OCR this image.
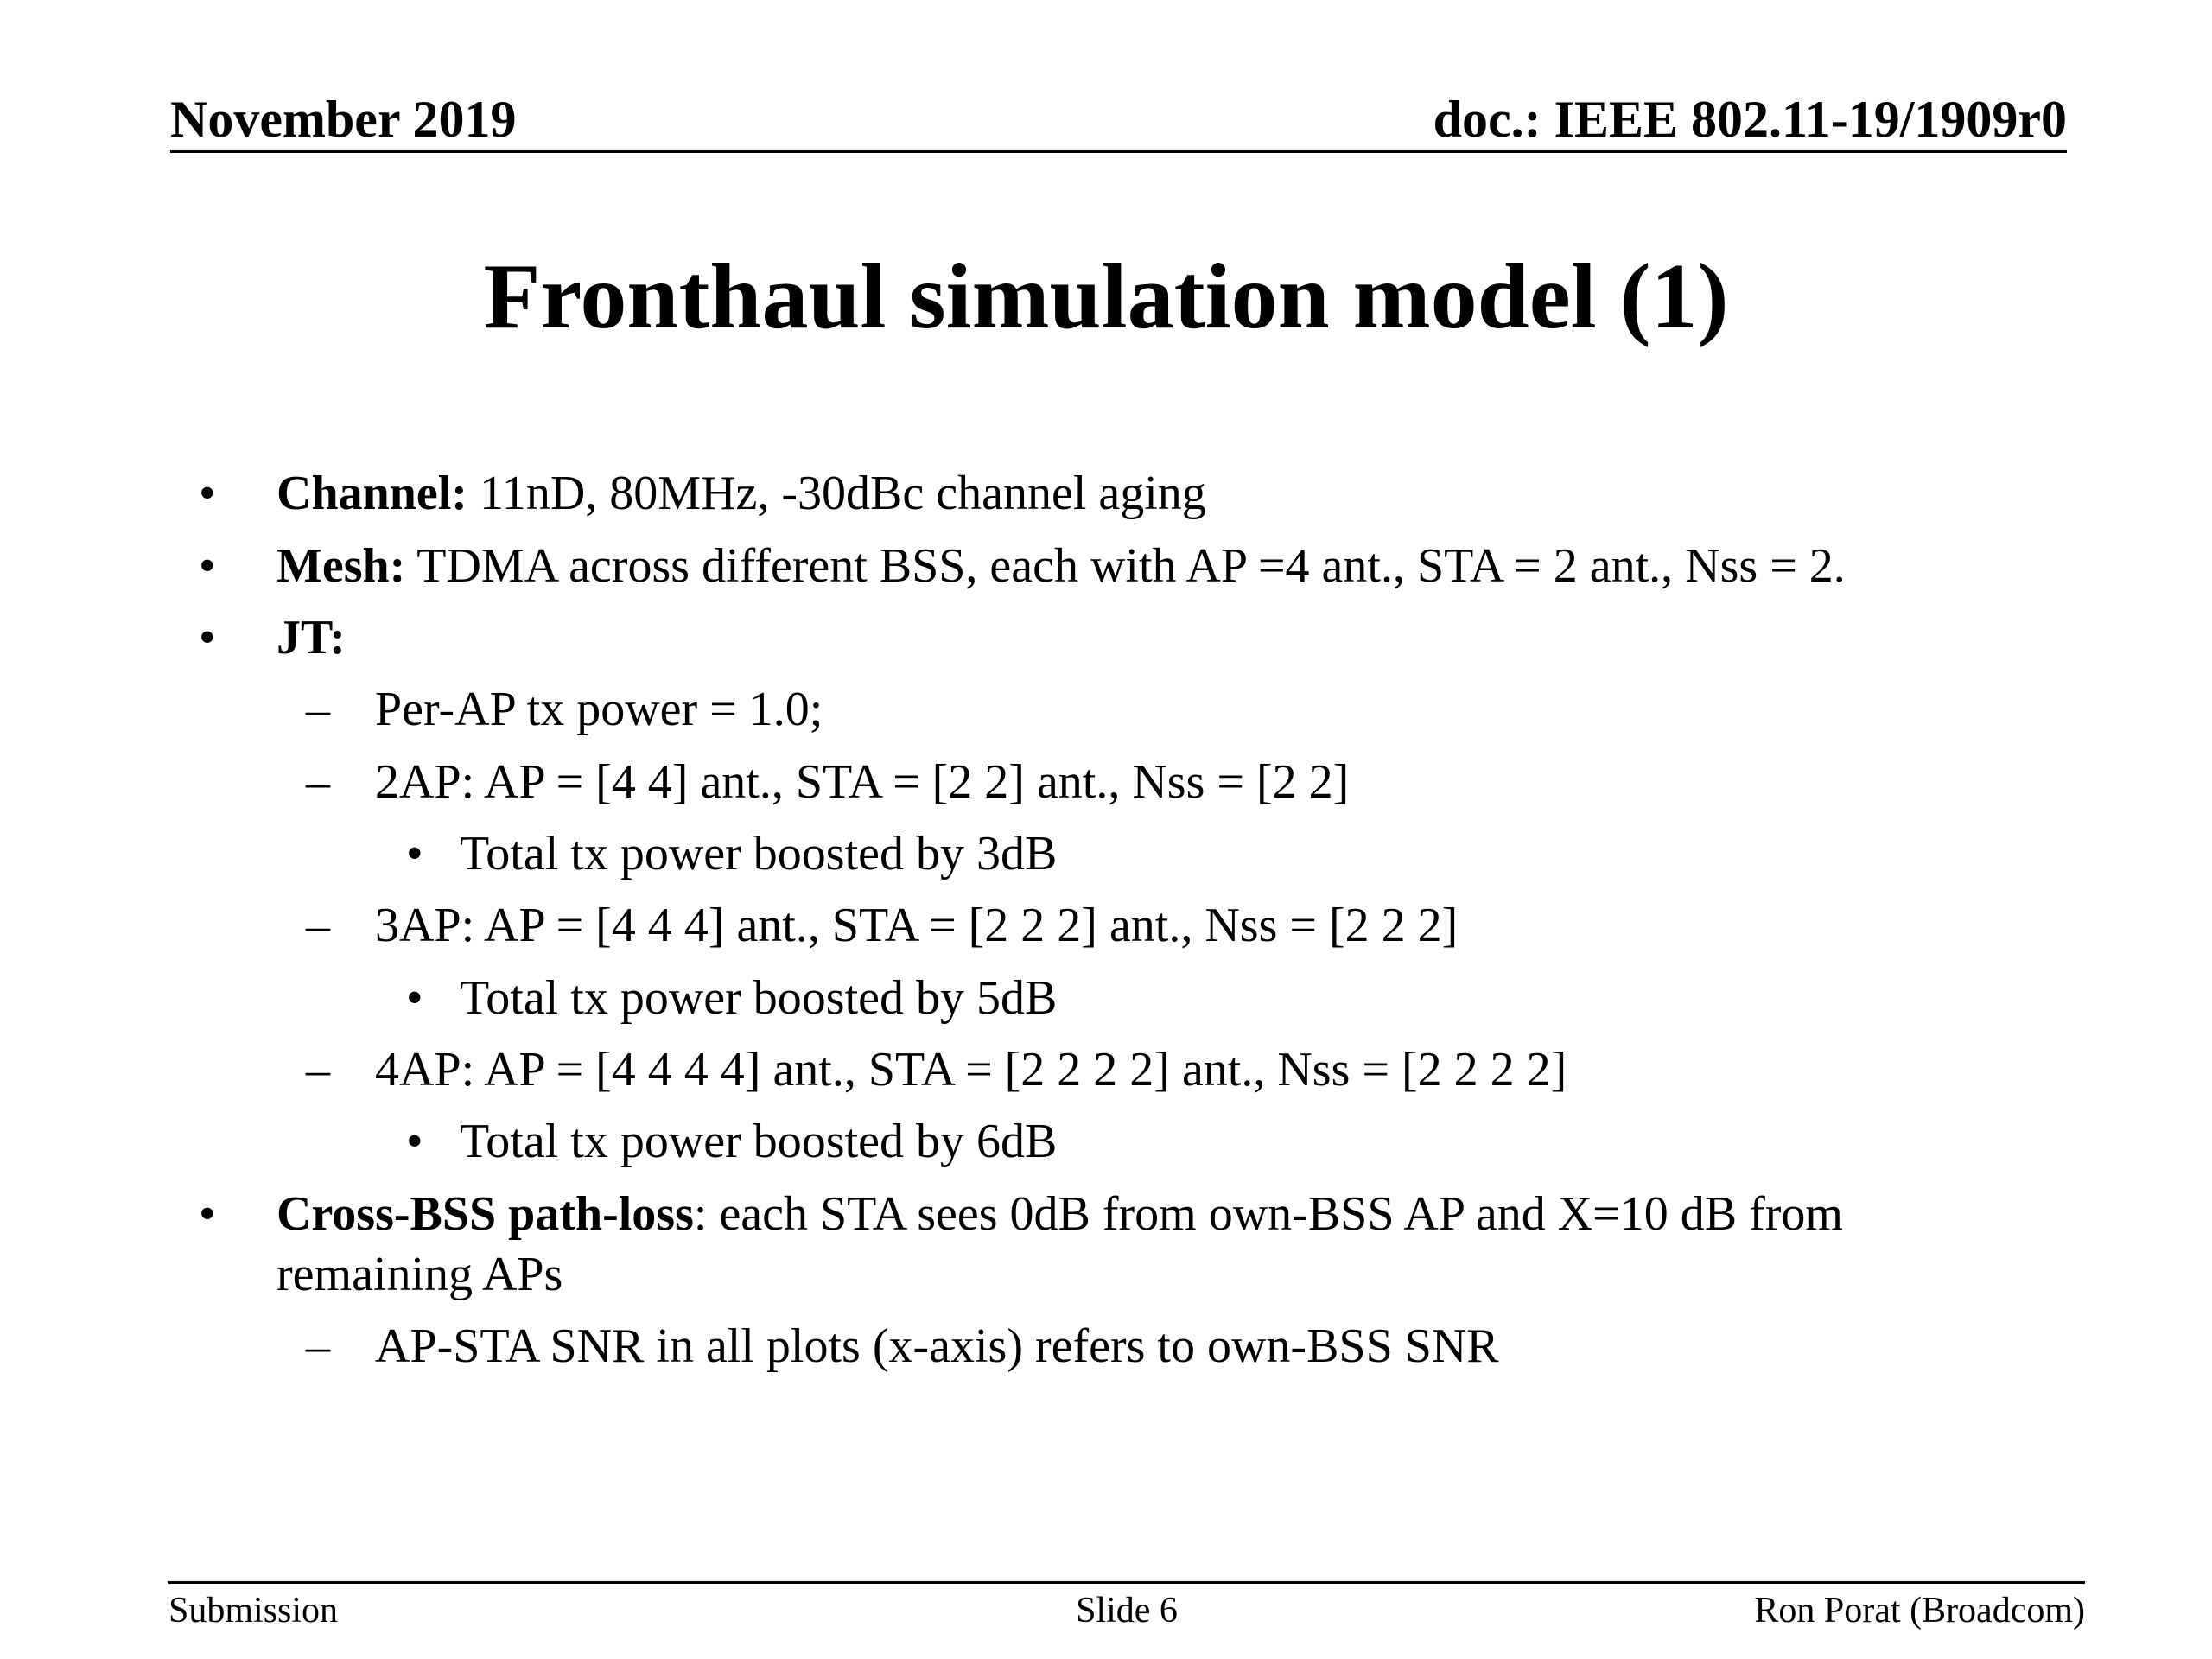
November 2019	doc.: IEEE 802.11-19/1909r0
Fronthaul simulation model (1)
• Channel: 11nD, 80MHz, -30dBc channel aging
• Mesh: TDMA across different BSS, each with AP =4 ant., STA = 2 ant., Nss = 2.
• JT:
– Per-AP tx power = 1.0;
– 2AP: AP = [4 4] ant., STA = [2 2] ant., Nss = [2 2]
• Total tx power boosted by 3dB
– 3AP: AP = [4 4 4] ant., STA = [2 2 2] ant., Nss = [2 2 2]
• Total tx power boosted by 5dB
– 4AP: AP = [4 4 4 4] ant., STA = [2 2 2 2] ant., Nss = [2 2 2 2]
• Total tx power boosted by 6dB
• Cross-BSS path-loss: each STA sees 0dB from own-BSS AP and X=10 dB from
remaining APs
– AP-STA SNR in all plots (x-axis) refers to own-BSS SNR
Submission	Slide 6	Ron Porat (Broadcom)
